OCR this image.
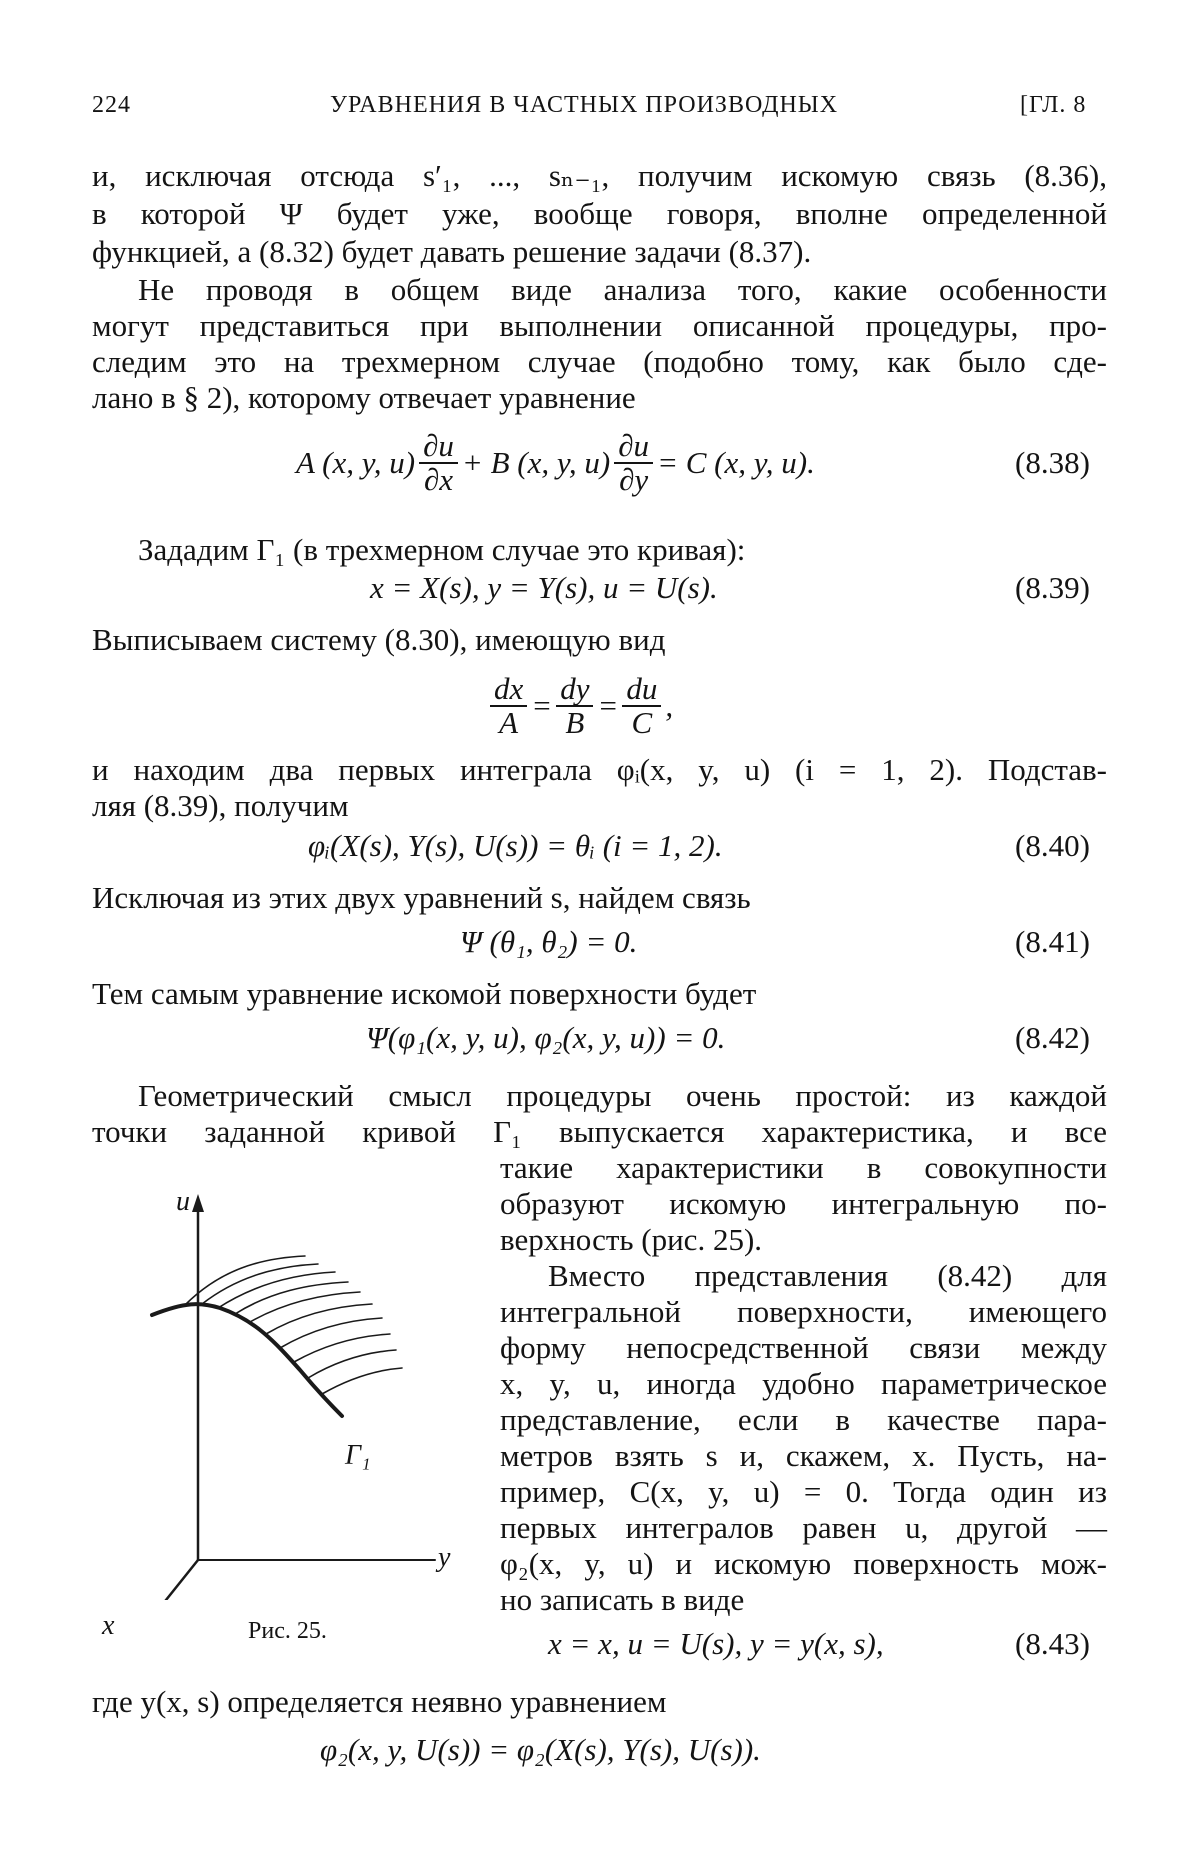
224	УРАВНЕНИЯ В ЧАСТНЫХ ПРОИЗВОДНЫХ	[ГЛ. 8
и, исключая отсюда s′₁, ..., sₙ₋₁, получим искомую связь (8.36),
в которой Ψ будет уже, вообще говоря, вполне определенной
функцией, а (8.32) будет давать решение задачи (8.37).
Не проводя в общем виде анализа того, какие особенности
могут представиться при выполнении описанной процедуры, про-
следим это на трехмерном случае (подобно тому, как было сде-
лано в § 2), которому отвечает уравнение
A (x, y, $u) \frac{\partial u}{\partial x} + B$ (x, y, $u) \frac{\partial u}{\partial y} = C$ (x, y, u).	(8.38)
Зададим Γ₁ (в трехмерном случае это кривая):
x = X(s), y = Y(s), u = U(s).	(8.39)
Выписываем систему (8.30), имеющую вид
$\frac{dx}{A} = \frac{dy}{B} = \frac{du}{C}$ ,
и находим два первых интеграла φᵢ(x, y, u) (i = 1, 2). Подстав-
ляя (8.39), получим
φᵢ(X(s), Y(s), U(s)) = θᵢ (i = 1, 2).	(8.40)
Исключая из этих двух уравнений s, найдем связь
Ψ (θ₁, θ₂) = 0.	(8.41)
Тем самым уравнение искомой поверхности будет
Ψ(φ₁(x, y, u), φ₂(x, y, u)) = 0.	(8.42)
Геометрический смысл процедуры очень простой: из каждой
точки заданной кривой Γ₁ выпускается характеристика, и все
такие характеристики в совокупности
образуют искомую интегральную по-
верхность (рис. 25).
Вместо представления (8.42) для
интегральной поверхности, имеющего
форму непосредственной связи между
x, y, u, иногда удобно параметрическое
представление, если в качестве пара-
метров взять s и, скажем, x. Пусть, на-
пример, C(x, y, u) = 0. Тогда один из
первых интегралов равен u, другой —
φ₂(x, y, u) и искомую поверхность мож-
но записать в виде
x = x, u = U(s), y = y(x, s),	(8.43)
где y(x, s) определяется неявно уравнением
φ₂(x, y, U(s)) = φ₂(X(s), Y(s), U(s)).
u
y
x
Γ₁
Рис. 25.
